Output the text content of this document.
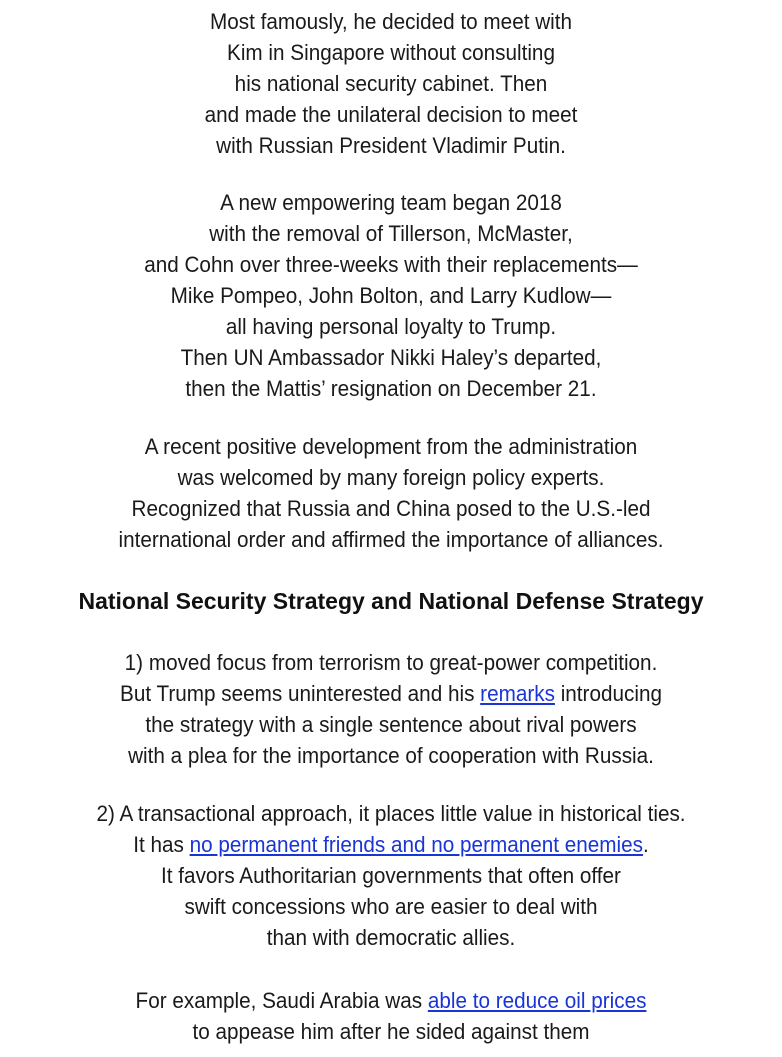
Most famously, he decided to meet with
Kim in Singapore without consulting
his national security cabinet. Then
and made the unilateral decision to meet
with Russian President Vladimir Putin.
A new empowering team began 2018
with the removal of Tillerson, McMaster,
and Cohn over three-weeks with their replacements—
Mike Pompeo, John Bolton, and Larry Kudlow—
all having personal loyalty to Trump.
Then UN Ambassador Nikki Haley’s departed,
then the Mattis’ resignation on December 21.
A recent positive development from the administration
was welcomed by many foreign policy experts.
Recognized that Russia and China posed to the U.S.-led
international order and affirmed the importance of alliances.
National Security Strategy and National Defense Strategy
1) moved focus from terrorism to great-power competition.
But Trump seems uninterested and his remarks introducing
the strategy with a single sentence about rival powers
with a plea for the importance of cooperation with Russia.
2) A transactional approach, it places little value in historical ties.
It has no permanent friends and no permanent enemies.
It favors Authoritarian governments that often offer
swift concessions who are easier to deal with
than with democratic allies.
For example, Saudi Arabia was able to reduce oil prices
to appease him after he sided against them
